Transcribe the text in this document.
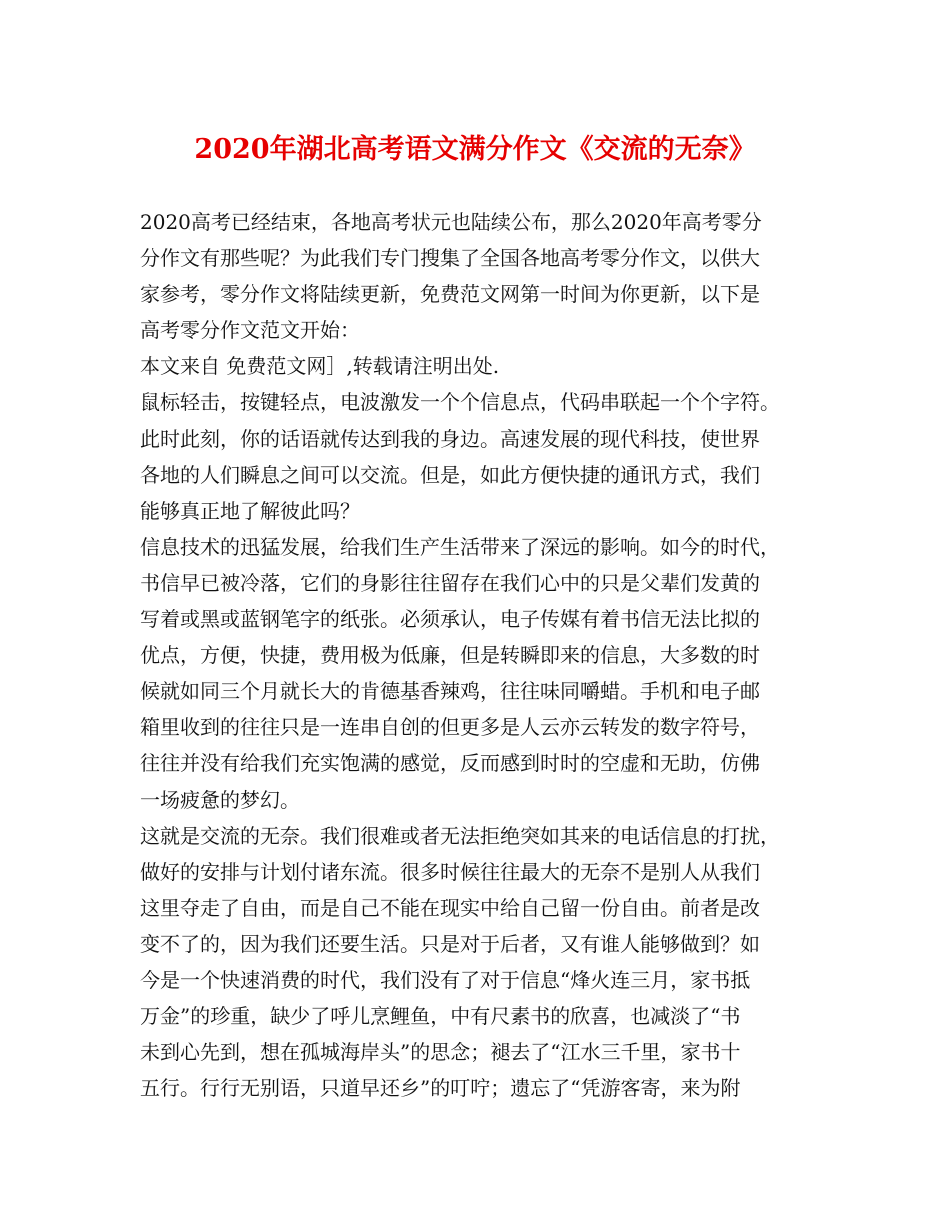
2020年湖北高考语文满分作文《交流的无奈》

2020高考已经结束，各地高考状元也陆续公布，那么2020年高考零分

分作文有那些呢？为此我们专门搜集了全国各地高考零分作文，以供大

家参考，零分作文将陆续更新，免费范文网第一时间为你更新，以下是

高考零分作文范文开始：

本文来自 免费范文网］,转载请注明出处.

鼠标轻击，按键轻点，电波激发一个个信息点，代码串联起一个个字符。

此时此刻，你的话语就传达到我的身边。高速发展的现代科技，使世界

各地的人们瞬息之间可以交流。但是，如此方便快捷的通讯方式，我们

能够真正地了解彼此吗？

信息技术的迅猛发展，给我们生产生活带来了深远的影响。如今的时代，

书信早已被冷落，它们的身影往往留存在我们心中的只是父辈们发黄的

写着或黑或蓝钢笔字的纸张。必须承认，电子传媒有着书信无法比拟的

优点，方便，快捷，费用极为低廉，但是转瞬即来的信息，大多数的时

候就如同三个月就长大的肯德基香辣鸡，往往味同嚼蜡。手机和电子邮

箱里收到的往往只是一连串自创的但更多是人云亦云转发的数字符号，

往往并没有给我们充实饱满的感觉，反而感到时时的空虚和无助，仿佛

一场疲惫的梦幻。

这就是交流的无奈。我们很难或者无法拒绝突如其来的电话信息的打扰，

做好的安排与计划付诸东流。很多时候往往最大的无奈不是别人从我们

这里夺走了自由，而是自己不能在现实中给自己留一份自由。前者是改

变不了的，因为我们还要生活。只是对于后者，又有谁人能够做到？如

今是一个快速消费的时代，我们没有了对于信息“烽火连三月，家书抵

万金”的珍重，缺少了呼儿烹鲤鱼，中有尺素书的欣喜，也减淡了“书

未到心先到，想在孤城海岸头”的思念；褪去了“江水三千里，家书十

五行。行行无别语，只道早还乡”的叮咛；遗忘了“凭游客寄，来为附
